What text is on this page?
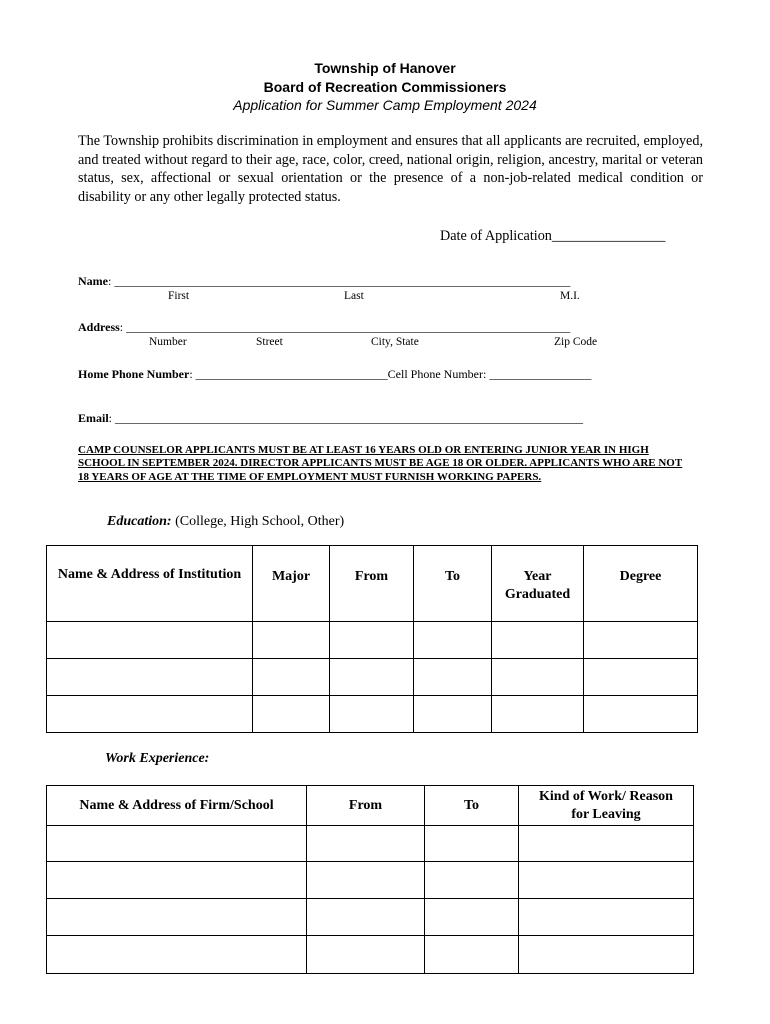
Township of Hanover
Board of Recreation Commissioners
Application for Summer Camp Employment 2024
The Township prohibits discrimination in employment and ensures that all applicants are recruited, employed, and treated without regard to their age, race, color, creed, national origin, religion, ancestry, marital or veteran status, sex, affectional or sexual orientation or the presence of a non-job-related medical condition or disability or any other legally protected status.
Date of Application________________
Name: ____________________________________________________________________________
First	Last	M.I.
Address: __________________________________________________________________________
Number	Street	City, State	Zip Code
Home Phone Number: ________________________________Cell Phone Number: _________________
Email: ______________________________________________________________________________
CAMP COUNSELOR APPLICANTS MUST BE AT LEAST 16 YEARS OLD OR ENTERING JUNIOR YEAR IN HIGH SCHOOL IN SEPTEMBER 2024. DIRECTOR APPLICANTS MUST BE AGE 18 OR OLDER. APPLICANTS WHO ARE NOT 18 YEARS OF AGE AT THE TIME OF EMPLOYMENT MUST FURNISH WORKING PAPERS.
Education: (College, High School, Other)
Name & Address of Institution	Major	From	To	Year Graduated	Degree

Work Experience:
Name & Address of Firm/School	From	To	Kind of Work/ Reason for Leaving
